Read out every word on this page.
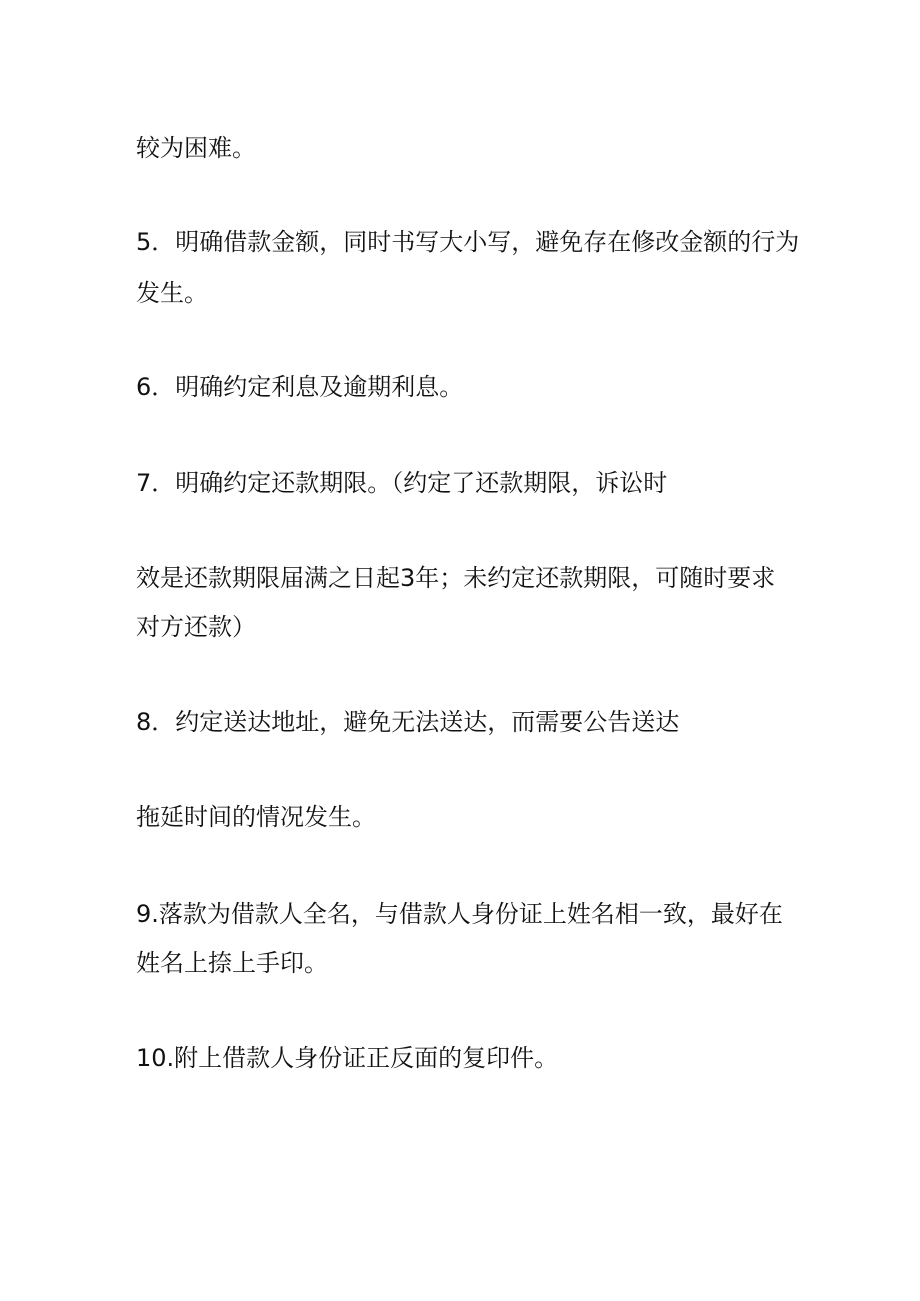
较为困难。
5．明确借款金额，同时书写大小写，避免存在修改金额的行为
发生。
6．明确约定利息及逾期利息。
7．明确约定还款期限。（约定了还款期限，诉讼时
效是还款期限届满之日起3年；未约定还款期限，可随时要求
对方还款）
8．约定送达地址，避免无法送达，而需要公告送达
拖延时间的情况发生。
9.落款为借款人全名，与借款人身份证上姓名相一致，最好在
姓名上捺上手印。
10.附上借款人身份证正反面的复印件。
